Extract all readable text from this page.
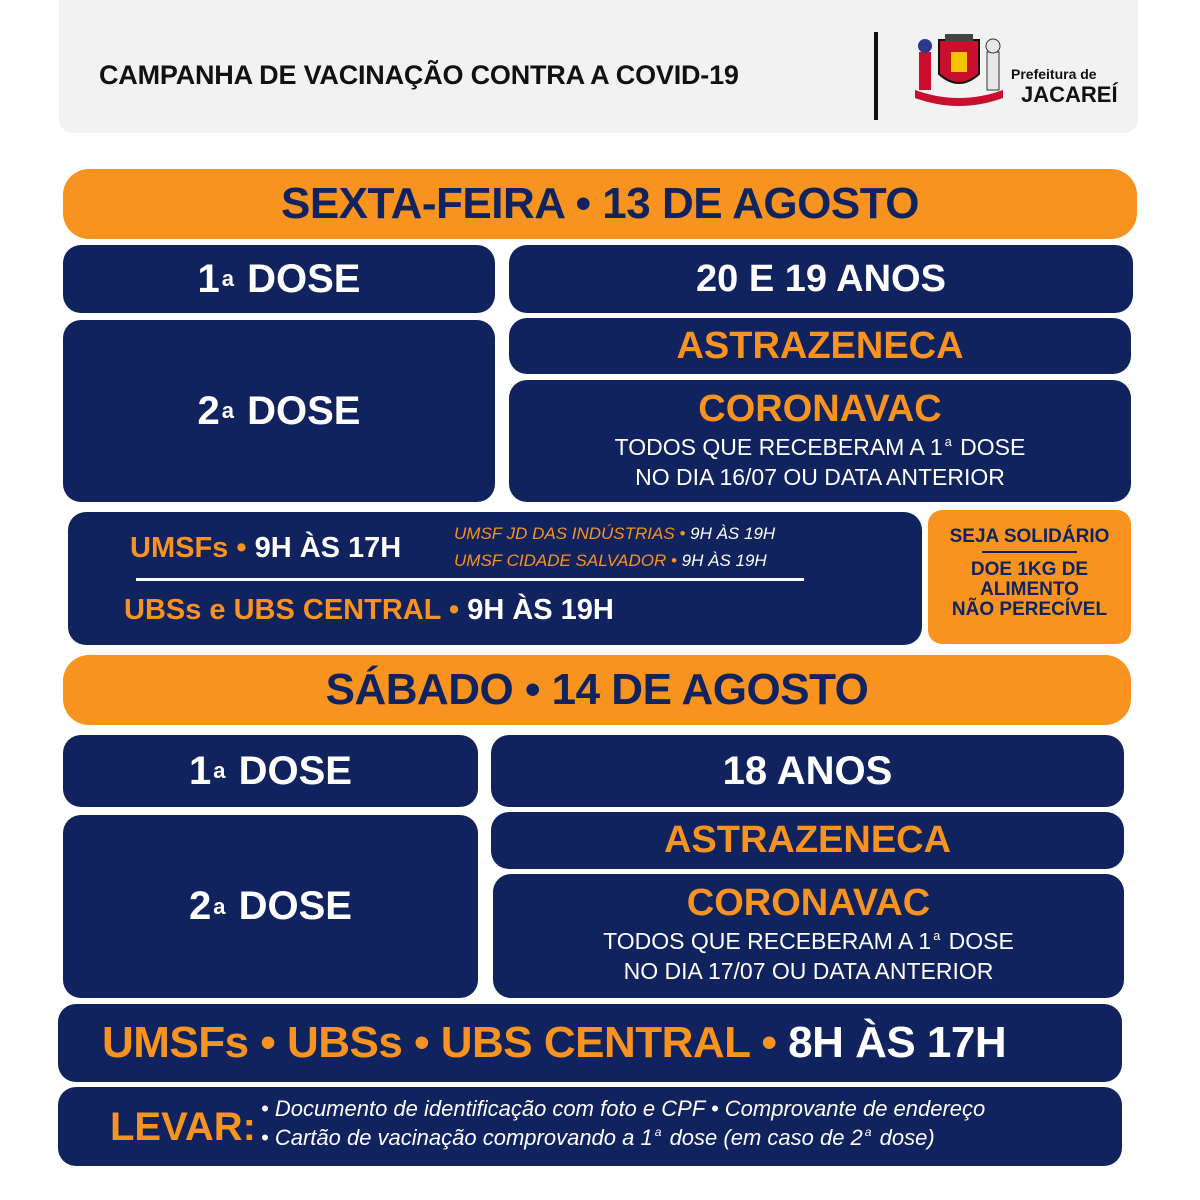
CAMPANHA DE VACINAÇÃO CONTRA A COVID-19	Prefeitura de
JACAREÍ
SEXTA-FEIRA • 13 DE AGOSTO
1 a
DOSE	20 E 19 ANOS
2 a
DOSE
ASTRAZENECA
CORONAVAC
TODOS QUE RECEBERAM A 1 $^a$ DOSE
NO DIA 16/07 OU DATA ANTERIOR
UMSFs • 9H ÀS 17H	UMSF JD DAS INDÚSTRIAS • 9H ÀS 19H
UMSF CIDADE SALVADOR • 9H ÀS 19H
UBSs e UBS CENTRAL • 9H ÀS 19H
SEJA SOLIDÁRIO
DOE 1KG DE
ALIMENTO
NÃO PERECÍVEL
SÁBADO • 14 DE AGOSTO
1 a
DOSE	18 ANOS
2 a
DOSE
ASTRAZENECA
CORONAVAC
TODOS QUE RECEBERAM A 1 $^a$ DOSE
NO DIA 17/07 OU DATA ANTERIOR
UMSFs • UBSs • UBS CENTRAL • 8H ÀS 17H
LEVAR: • Documento de identificação com foto e CPF • Comprovante de endereço
• Cartão de vacinação comprovando a 1 $^a$ dose (em caso de 2 $^a$ dose)
